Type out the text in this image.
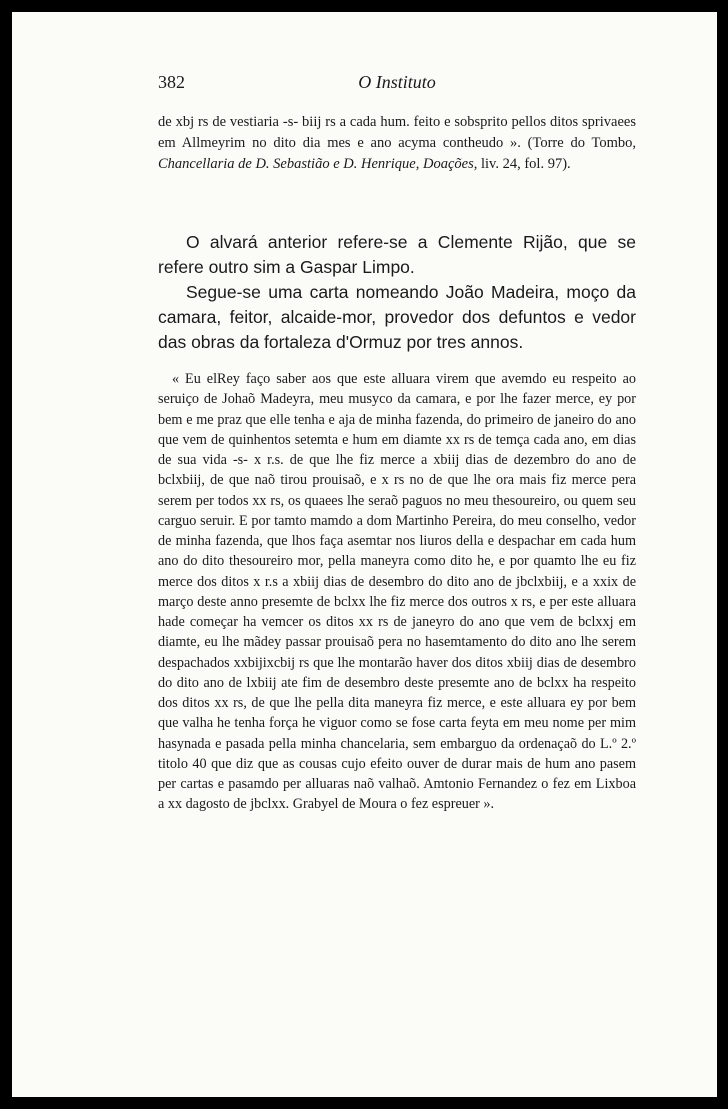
382	O Instituto

de xbj rs de vestiaria -s- biij rs a cada hum. feito e sobsprito pellos ditos sprivaees em Allmeyrim no dito dia mes e ano acyma contheudo ». (Torre do Tombo, Chancellaria de D. Sebastião e D. Henrique, Doações, liv. 24, fol. 97).

O alvará anterior refere-se a Clemente Rijão, que se refere outro sim a Gaspar Limpo.

Segue-se uma carta nomeando João Madeira, moço da camara, feitor, alcaide-mor, provedor dos defuntos e vedor das obras da fortaleza d'Ormuz por tres annos.

« Eu elRey faço saber aos que este alluara virem que avemdo eu respeito ao seruiço de Johaõ Madeyra, meu musyco da camara, e por lhe fazer merce, ey por bem e me praz que elle tenha e aja de minha fazenda, do primeiro de janeiro do ano que vem de quinhentos setemta e hum em diamte xx rs de temça cada ano, em dias de sua vida -s- x r.s. de que lhe fiz merce a xbiij dias de dezembro do ano de bclxbiij, de que naõ tirou prouisaõ, e x rs no de que lhe ora mais fiz merce pera serem per todos xx rs, os quaees lhe seraõ paguos no meu thesoureiro, ou quem seu carguo seruir. E por tamto mamdo a dom Martinho Pereira, do meu conselho, vedor de minha fazenda, que lhos faça asemtar nos liuros della e despachar em cada hum ano do dito thesoureiro mor, pella maneyra como dito he, e por quamto lhe eu fiz merce dos ditos x r.s a xbiij dias de desembro do dito ano de jbclxbiij, e a xxix de março deste anno presemte de bclxx lhe fiz merce dos outros x rs, e per este alluara hade começar ha vemcer os ditos xx rs de janeyro do ano que vem de bclxxj em diamte, eu lhe mãdey passar prouisaõ pera no hasemtamento do dito ano lhe serem despachados xxbijixcbij rs que lhe montarão haver dos ditos xbiij dias de desembro do dito ano de lxbiij ate fim de desembro deste presemte ano de bclxx ha respeito dos ditos xx rs, de que lhe pella dita maneyra fiz merce, e este alluara ey por bem que valha he tenha força he viguor como se fose carta feyta em meu nome per mim hasynada e pasada pella minha chancelaria, sem embarguo da ordenaçaõ do L.º 2.º titolo 40 que diz que as cousas cujo efeito ouver de durar mais de hum ano pasem per cartas e pasamdo per alluaras naõ valhaõ. Amtonio Fernandez o fez em Lixboa a xx dagosto de jbclxx. Grabyel de Moura o fez espreuer ».
